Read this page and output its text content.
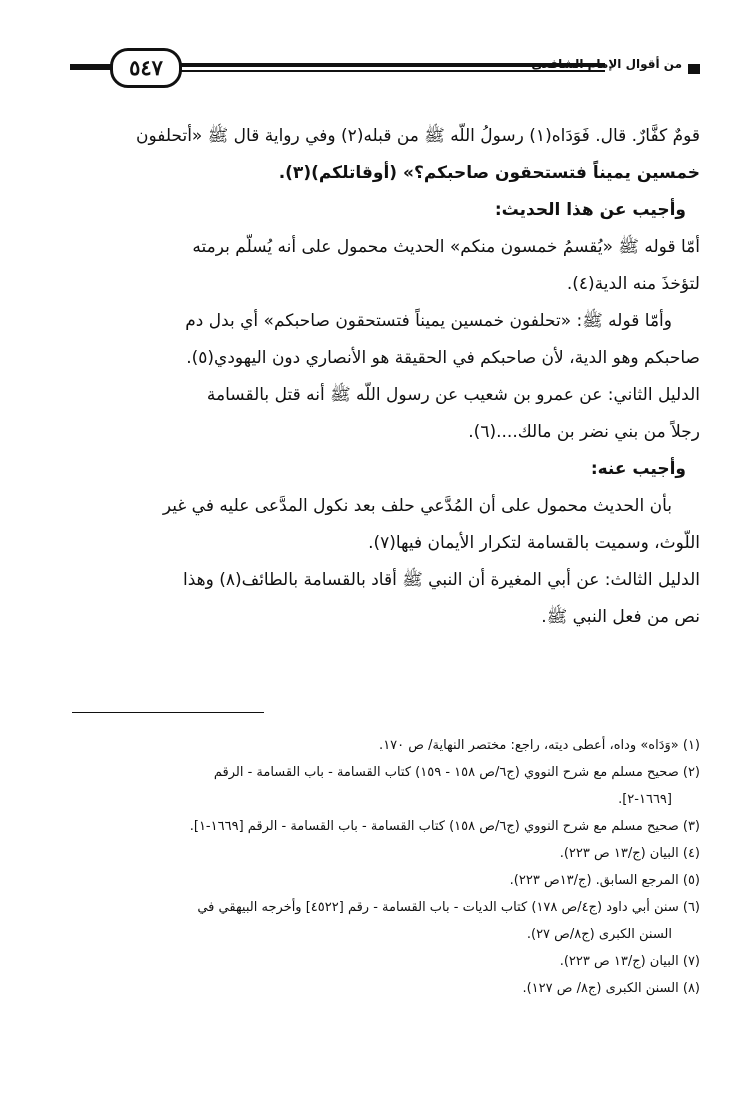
٥٤٧	من أقوال الإمام الشافعي
قومٌ كفَّارٌ. قال. فَوَدَاه(١) رسولُ اللّه ﷺ من قبله(٢) وفي رواية قال ﷺ «أتحلفون
خمسين يميناً فتستحقون صاحبكم؟» (أوقاتلكم)(٣).
وأجيب عن هذا الحديث:
أمّا قوله ﷺ «يُقسمُ خمسون منكم» الحديث محمول على أنه يُسلّم برمته
لتؤخذَ منه الدية(٤).
وأمّا قوله ﷺ: «تحلفون خمسين يميناً فتستحقون صاحبكم» أي بدل دم
صاحبكم وهو الدية، لأن صاحبكم في الحقيقة هو الأنصاري دون اليهودي(٥).
الدليل الثاني: عن عمرو بن شعيب عن رسول اللّه ﷺ أنه قتل بالقسامة
رجلاً من بني نضر بن مالك....(٦).
وأجيب عنه:
بأن الحديث محمول على أن المُدَّعي حلف بعد نكول المدَّعى عليه في غير
اللّوث، وسميت بالقسامة لتكرار الأيمان فيها(٧).
الدليل الثالث: عن أبي المغيرة أن النبي ﷺ أقاد بالقسامة بالطائف(٨) وهذا
نص من فعل النبي ﷺ.
(١) «وَدَاه» وداه، أعطى ديته، راجع: مختصر النهاية/ ص ١٧٠.
(٢) صحيح مسلم مع شرح النووي (ج٦/ص ١٥٨ - ١٥٩) كتاب القسامة - باب القسامة - الرقم
[١٦٦٩-٢].
(٣) صحيح مسلم مع شرح النووي (ج٦/ص ١٥٨) كتاب القسامة - باب القسامة - الرقم [١٦٦٩-١].
(٤) البيان (ج/١٣ ص ٢٢٣).
(٥) المرجع السابق. (ج/١٣ص ٢٢٣).
(٦) سنن أبي داود (ج٤/ص ١٧٨) كتاب الديات - باب القسامة - رقم [٤٥٢٢] وأخرجه البيهقي في
السنن الكبرى (ج٨/ص ٢٧).
(٧) البيان (ج/١٣ ص ٢٢٣).
(٨) السنن الكبرى (ج٨/ ص ١٢٧).
